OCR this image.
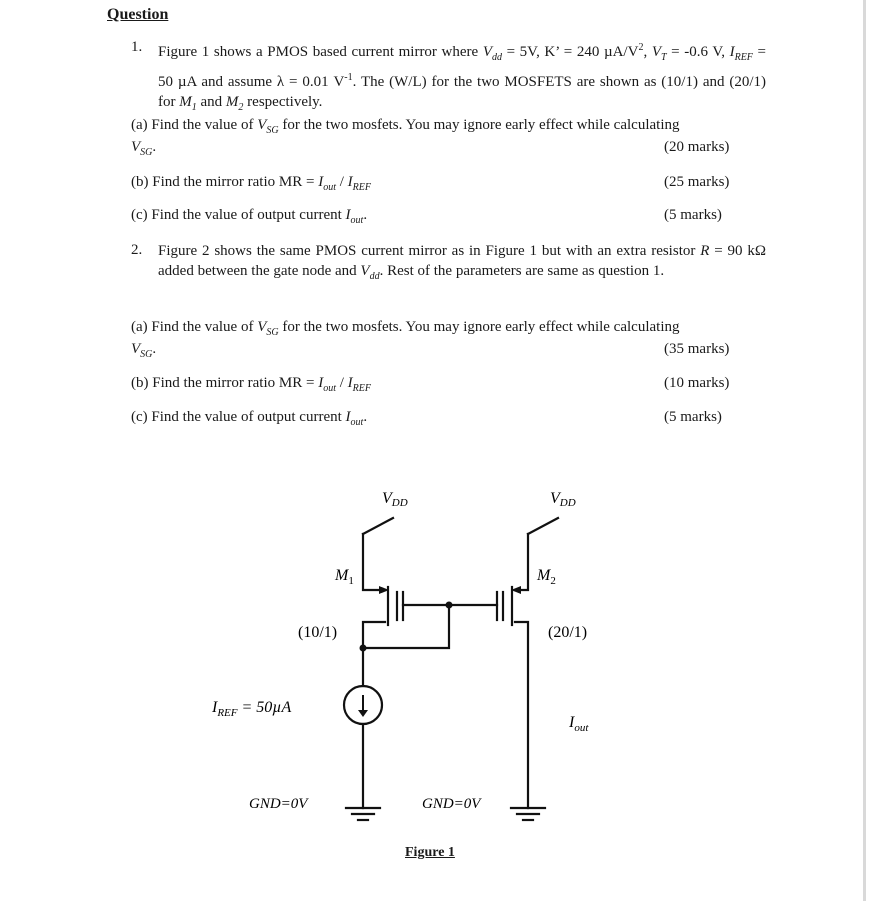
Question
1. Figure 1 shows a PMOS based current mirror where $V_{dd} = 5V$, K’ = 240 $\mu A/V^2$, $V_T = -0.6$ V, $I_{REF} = 50$ µA and assume λ = 0.01 $V^{-1}$. The (W/L) for the two MOSFETS are shown as (10/1) and (20/1) for $M_1$ and $M_2$ respectively.
(a) Find the value of $V_{SG}$ for the two mosfets. You may ignore early effect while calculating
$V_{SG}$.	(20 marks)
(b) Find the mirror ratio MR = $I_{out} / I_{REF}$	(25 marks)
(c) Find the value of output current $I_{out}$.	(5 marks)
2. Figure 2 shows the same PMOS current mirror as in Figure 1 but with an extra resistor R = 90 kΩ added between the gate node and $V_{dd}$. Rest of the parameters are same as question 1.
(a) Find the value of $V_{SG}$ for the two mosfets. You may ignore early effect while calculating
$V_{SG}$.	(35 marks)
(b) Find the mirror ratio MR = $I_{out} / I_{REF}$	(10 marks)
(c) Find the value of output current $I_{out}$.	(5 marks)
VDD	VDD
$M_1$	$M_2$
(10/1)	(20/1)
$I_{REF} = 50\mu A$
$I_{out}$
GND=0V	GND=0V
Figure 1
